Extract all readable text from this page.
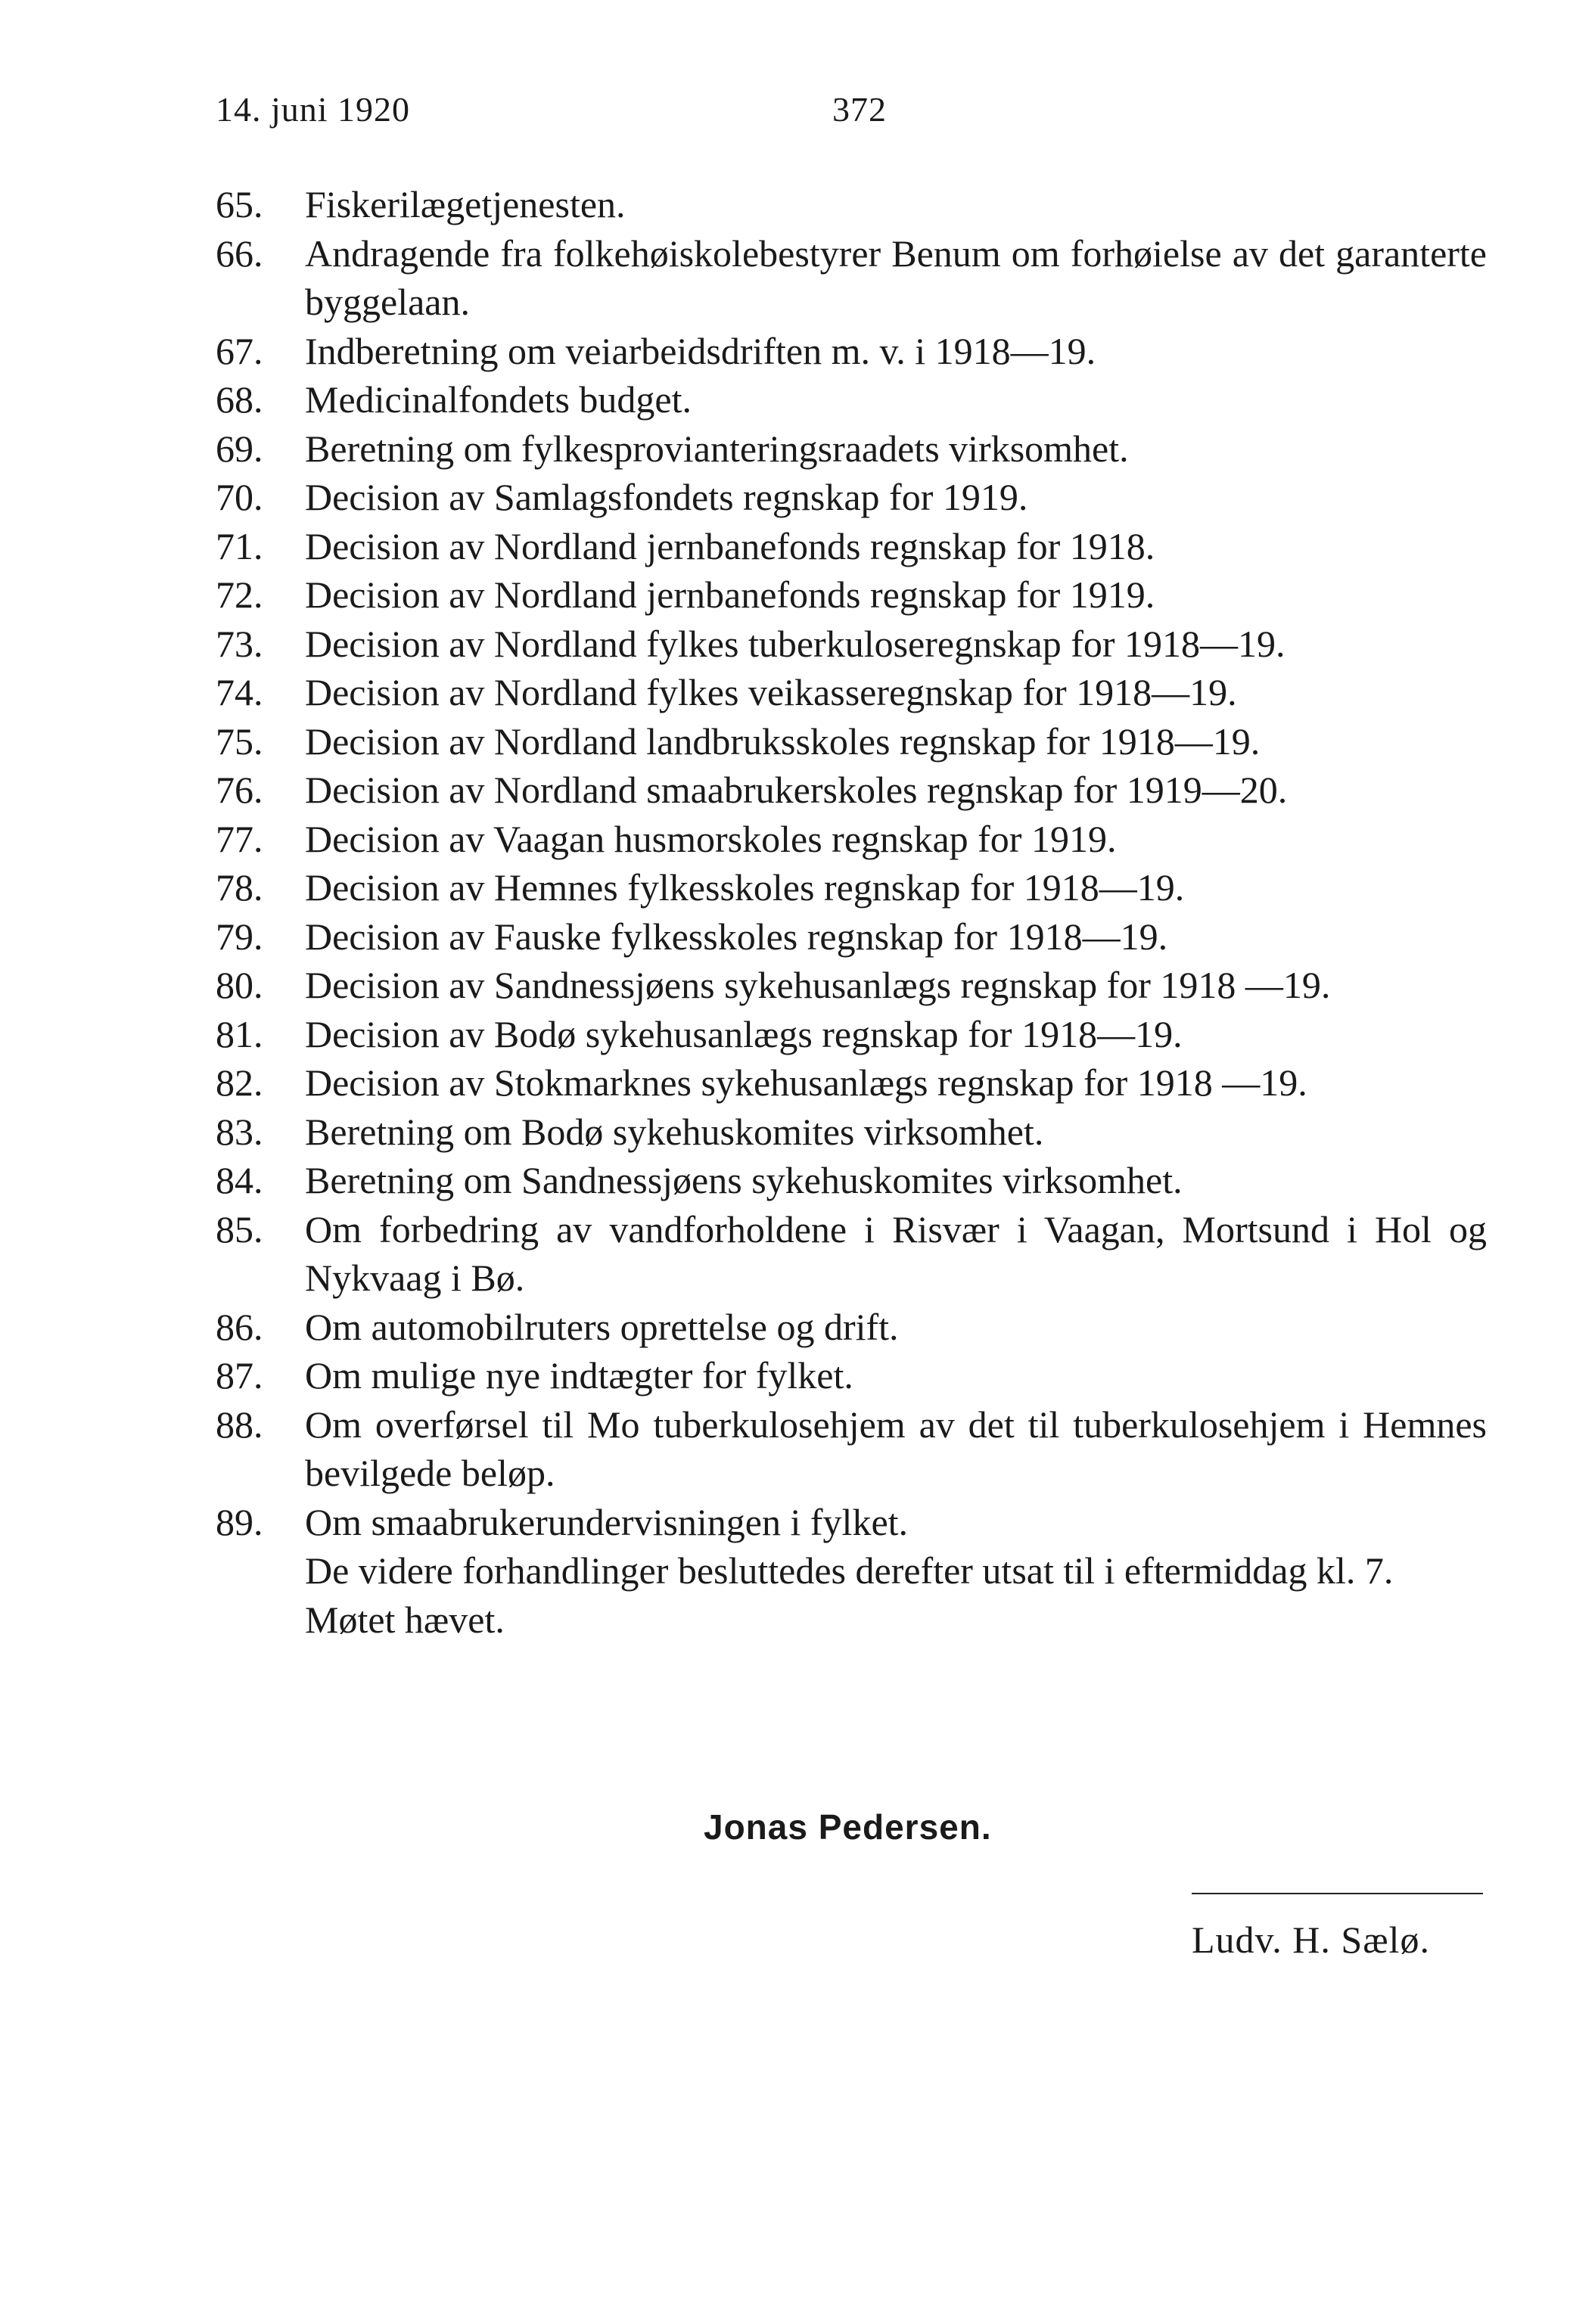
14. juni 1920	372
65.	Fiskerilægetjenesten.
66.	Andragende fra folkehøiskolebestyrer Benum om forhøielse av det garanterte byggelaan.
67.	Indberetning om veiarbeidsdriften m. v. i 1918—19.
68.	Medicinalfondets budget.
69.	Beretning om fylkesprovianteringsraadets virksomhet.
70.	Decision av Samlagsfondets regnskap for 1919.
71.	Decision av Nordland jernbanefonds regnskap for 1918.
72.	Decision av Nordland jernbanefonds regnskap for 1919.
73.	Decision av Nordland fylkes tuberkuloseregnskap for 1918—19.
74.	Decision av Nordland fylkes veikasseregnskap for 1918—19.
75.	Decision av Nordland landbruksskoles regnskap for 1918—19.
76.	Decision av Nordland smaabrukerskoles regnskap for 1919—20.
77.	Decision av Vaagan husmorskoles regnskap for 1919.
78.	Decision av Hemnes fylkesskoles regnskap for 1918—19.
79.	Decision av Fauske fylkesskoles regnskap for 1918—19.
80.	Decision av Sandnessjøens sykehusanlægs regnskap for 1918 —19.
81.	Decision av Bodø sykehusanlægs regnskap for 1918—19.
82.	Decision av Stokmarknes sykehusanlægs regnskap for 1918 —19.
83.	Beretning om Bodø sykehuskomites virksomhet.
84.	Beretning om Sandnessjøens sykehuskomites virksomhet.
85.	Om forbedring av vandforholdene i Risvær i Vaagan, Mortsund i Hol og Nykvaag i Bø.
86.	Om automobilruters oprettelse og drift.
87.	Om mulige nye indtægter for fylket.
88.	Om overførsel til Mo tuberkulosehjem av det til tuberkulosehjem i Hemnes bevilgede beløp.
89.	Om smaabrukerundervisningen i fylket.

De videre forhandlinger besluttedes derefter utsat til i eftermiddag kl. 7.

Møtet hævet.

Jonas Pedersen.
Ludv. H. Sælø.
